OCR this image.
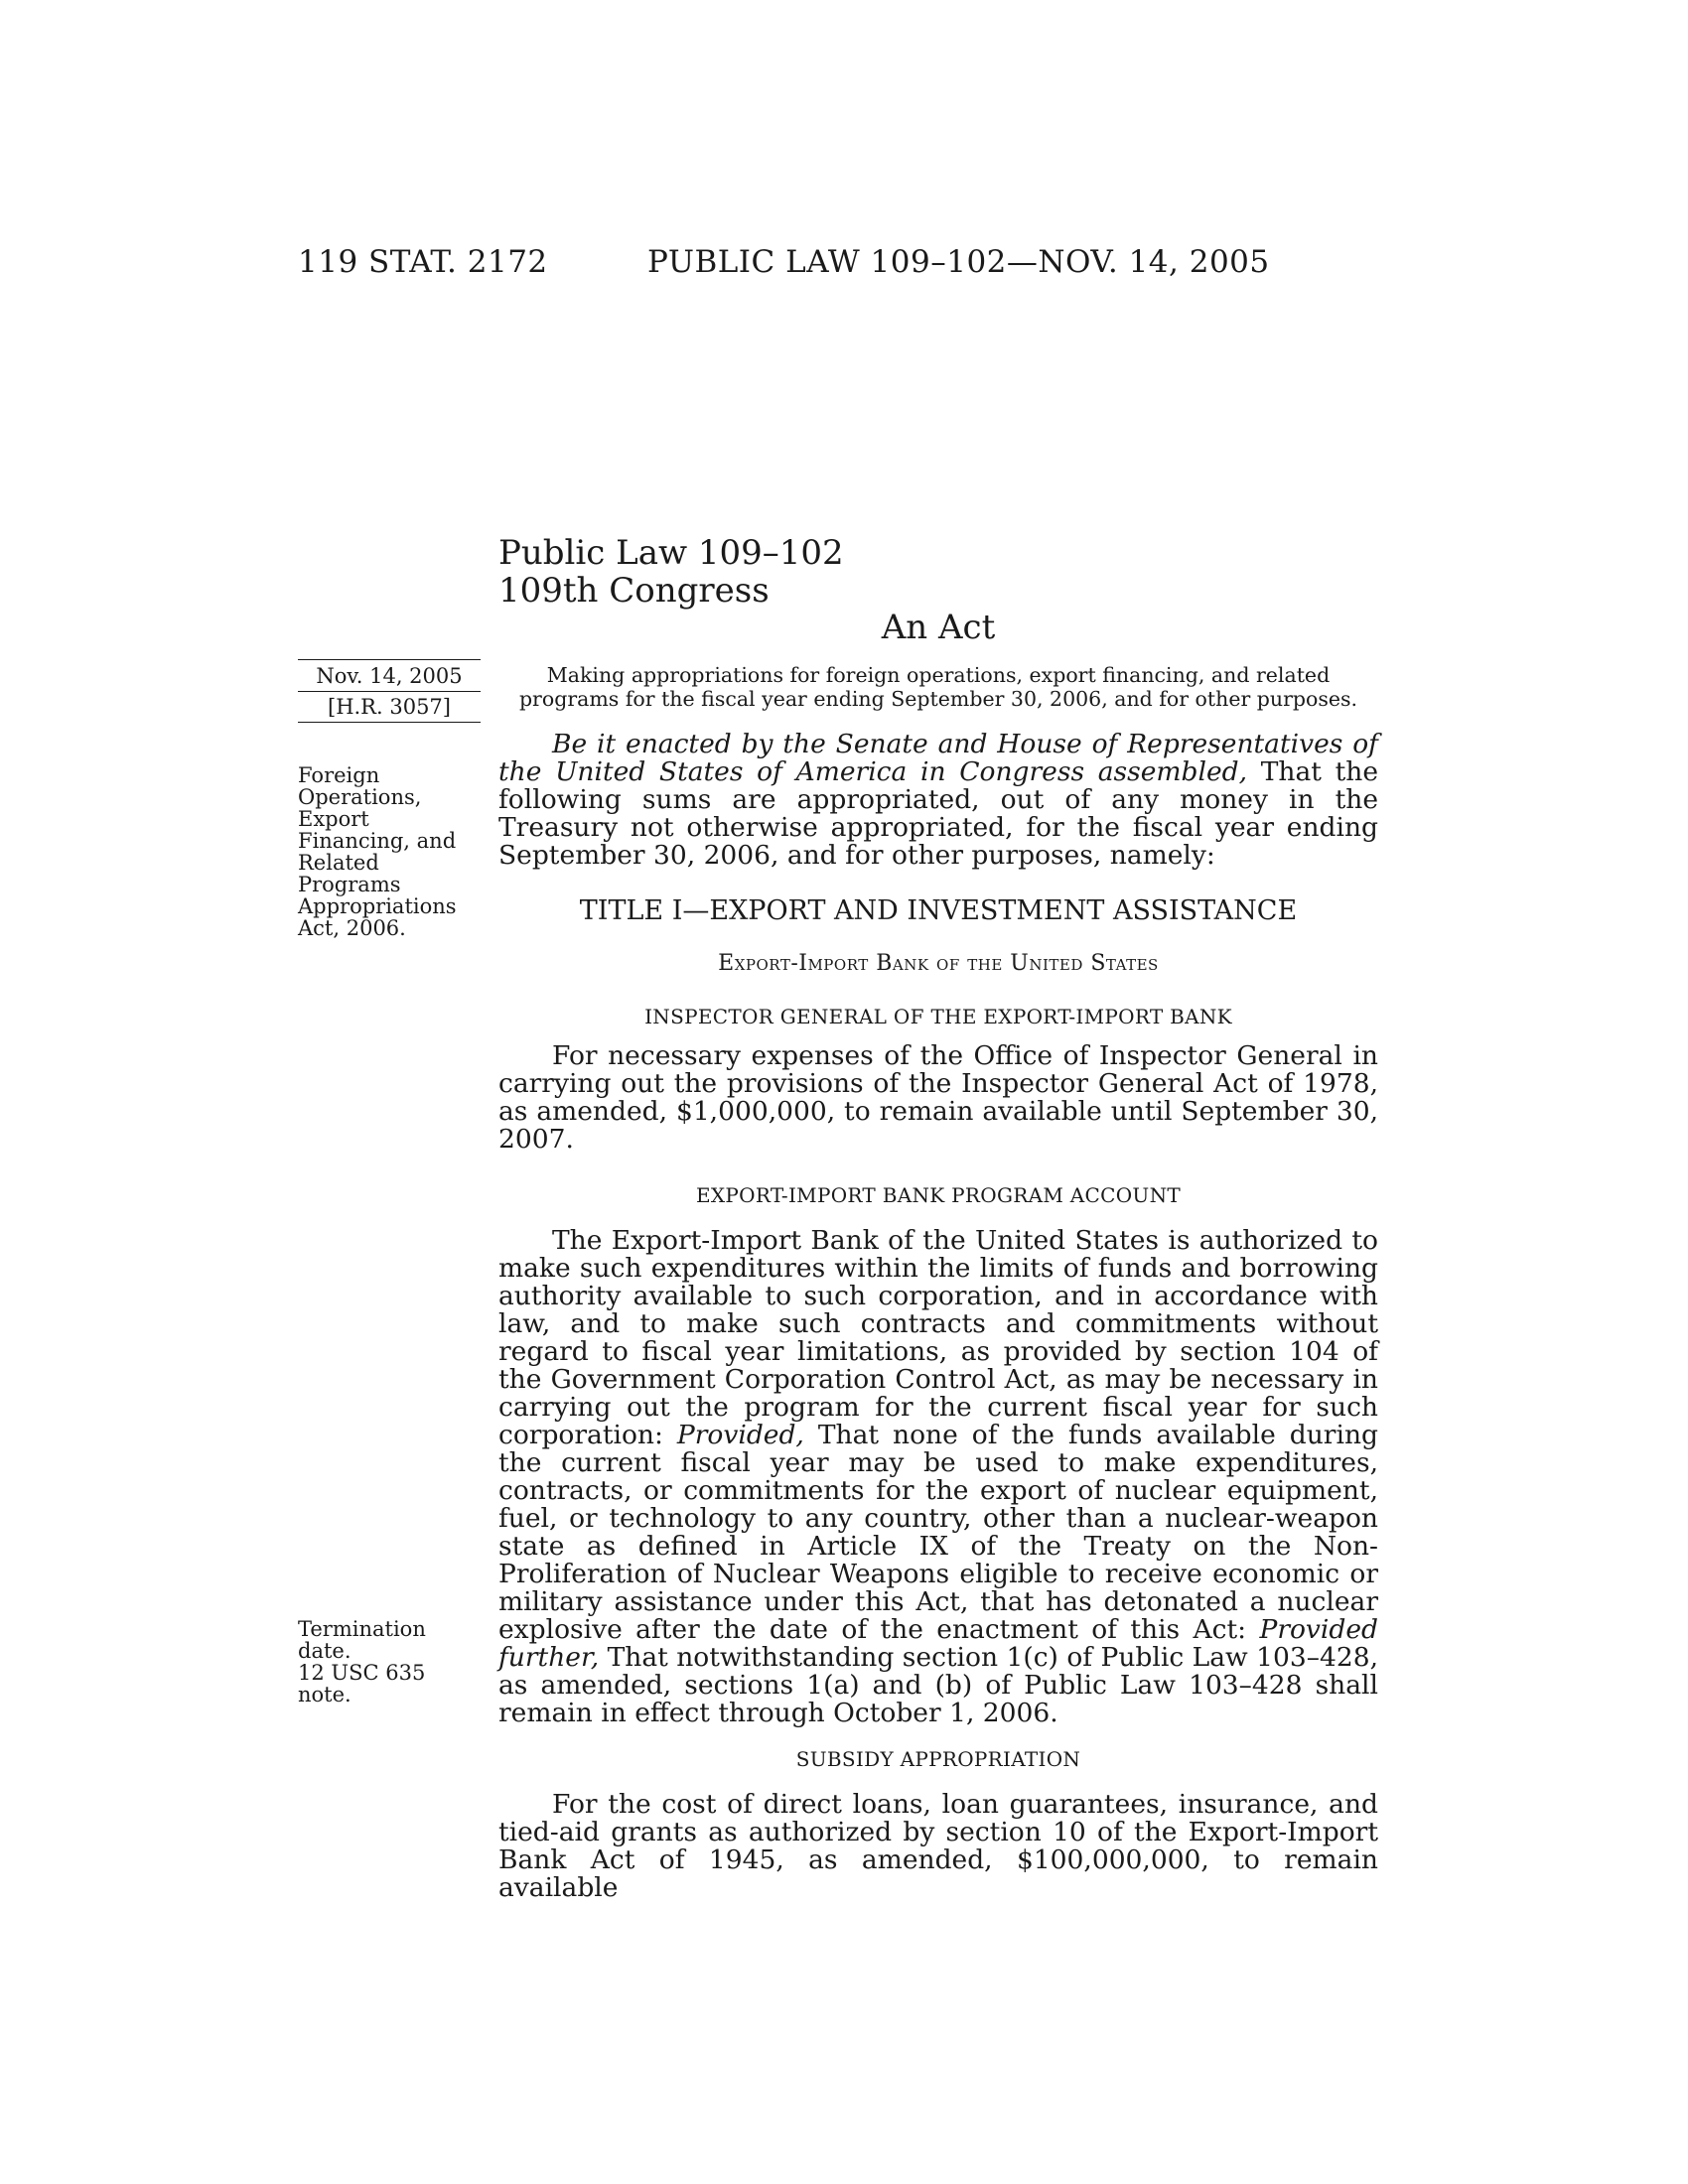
119 STAT. 2172	PUBLIC LAW 109–102—NOV. 14, 2005
Public Law 109–102
109th Congress
An Act
Nov. 14, 2005
[H.R. 3057]
Making appropriations for foreign operations, export financing, and related programs for the fiscal year ending September 30, 2006, and for other purposes.
Foreign Operations, Export Financing, and Related Programs Appropriations Act, 2006.

Be it enacted by the Senate and House of Representatives of the United States of America in Congress assembled, That the following sums are appropriated, out of any money in the Treasury not otherwise appropriated, for the fiscal year ending September 30, 2006, and for other purposes, namely:

TITLE I—EXPORT AND INVESTMENT ASSISTANCE
Export-Import Bank of the United States
INSPECTOR GENERAL OF THE EXPORT-IMPORT BANK

For necessary expenses of the Office of Inspector General in carrying out the provisions of the Inspector General Act of 1978, as amended, $1,000,000, to remain available until September 30, 2007.

EXPORT-IMPORT BANK PROGRAM ACCOUNT
Termination date.
12 USC 635 note.

The Export-Import Bank of the United States is authorized to make such expenditures within the limits of funds and borrowing authority available to such corporation, and in accordance with law, and to make such contracts and commitments without regard to fiscal year limitations, as provided by section 104 of the Government Corporation Control Act, as may be necessary in carrying out the program for the current fiscal year for such corporation: Provided, That none of the funds available during the current fiscal year may be used to make expenditures, contracts, or commitments for the export of nuclear equipment, fuel, or technology to any country, other than a nuclear-weapon state as defined in Article IX of the Treaty on the Non-Proliferation of Nuclear Weapons eligible to receive economic or military assistance under this Act, that has detonated a nuclear explosive after the date of the enactment of this Act: Provided further, That notwithstanding section 1(c) of Public Law 103–428, as amended, sections 1(a) and (b) of Public Law 103–428 shall remain in effect through October 1, 2006.

SUBSIDY APPROPRIATION

For the cost of direct loans, loan guarantees, insurance, and tied-aid grants as authorized by section 10 of the Export-Import Bank Act of 1945, as amended, $100,000,000, to remain available
